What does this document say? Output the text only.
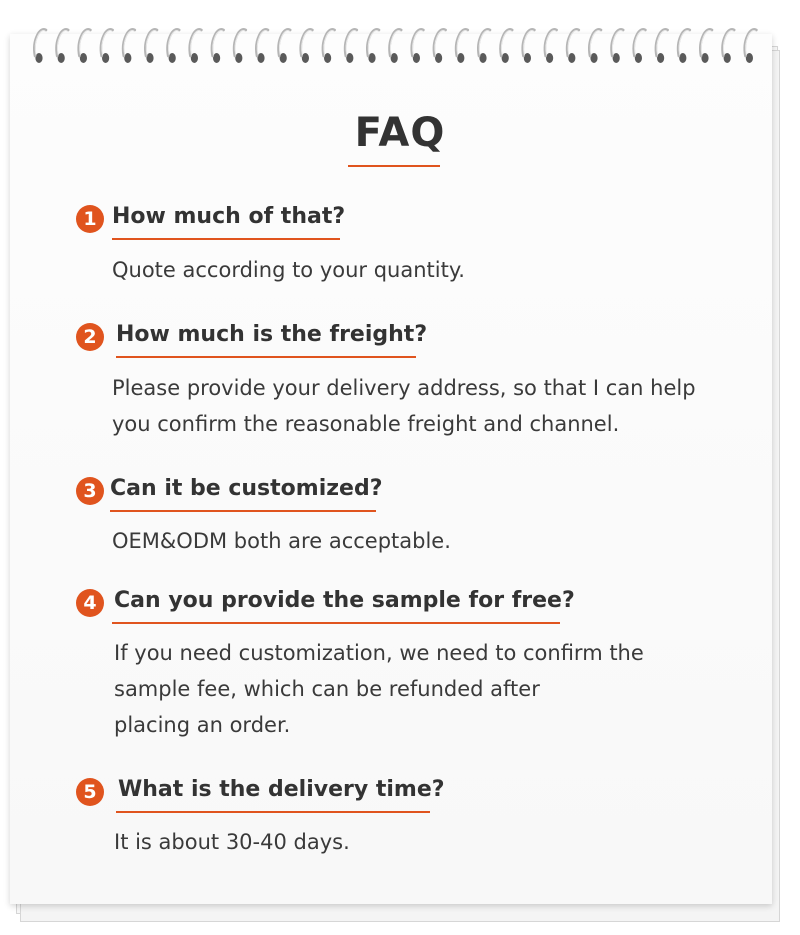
FAQ
1 How much of that?
Quote according to your quantity.
2 How much is the freight?
Please provide your delivery address, so that I can help
you confirm the reasonable freight and channel.
3 Can it be customized?
OEM&ODM both are acceptable.
4 Can you provide the sample for free?
If you need customization, we need to confirm the
sample fee, which can be refunded after
placing an order.
5 What is the delivery time?
It is about 30-40 days.
